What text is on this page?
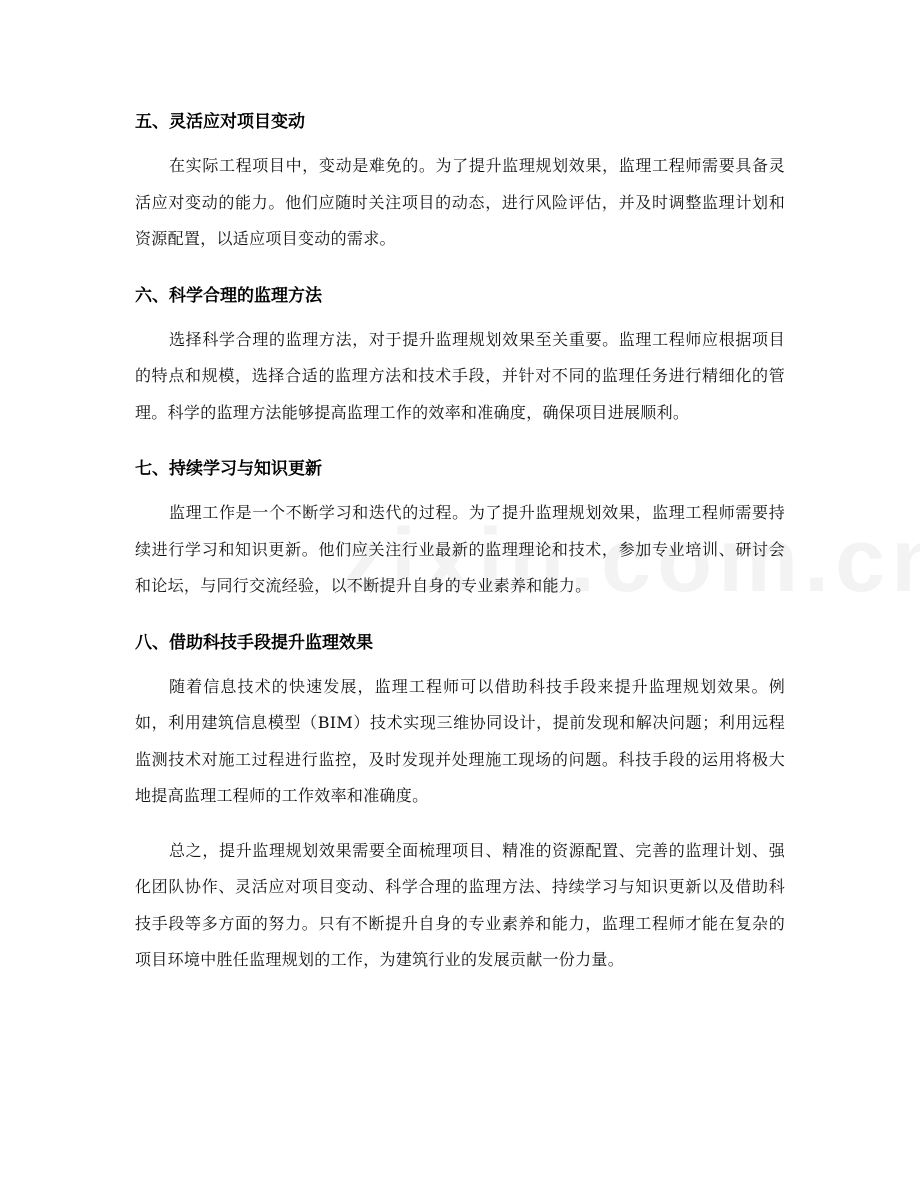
五、灵活应对项目变动

在实际工程项目中，变动是难免的。为了提升监理规划效果，监理工程师需要具备灵活应对变动的能力。他们应随时关注项目的动态，进行风险评估，并及时调整监理计划和资源配置，以适应项目变动的需求。

六、科学合理的监理方法

选择科学合理的监理方法，对于提升监理规划效果至关重要。监理工程师应根据项目的特点和规模，选择合适的监理方法和技术手段，并针对不同的监理任务进行精细化的管理。科学的监理方法能够提高监理工作的效率和准确度，确保项目进展顺利。

七、持续学习与知识更新

监理工作是一个不断学习和迭代的过程。为了提升监理规划效果，监理工程师需要持续进行学习和知识更新。他们应关注行业最新的监理理论和技术，参加专业培训、研讨会和论坛，与同行交流经验，以不断提升自身的专业素养和能力。

八、借助科技手段提升监理效果

随着信息技术的快速发展，监理工程师可以借助科技手段来提升监理规划效果。例如，利用建筑信息模型（BIM）技术实现三维协同设计，提前发现和解决问题；利用远程监测技术对施工过程进行监控，及时发现并处理施工现场的问题。科技手段的运用将极大地提高监理工程师的工作效率和准确度。

总之，提升监理规划效果需要全面梳理项目、精准的资源配置、完善的监理计划、强化团队协作、灵活应对项目变动、科学合理的监理方法、持续学习与知识更新以及借助科技手段等多方面的努力。只有不断提升自身的专业素养和能力，监理工程师才能在复杂的项目环境中胜任监理规划的工作，为建筑行业的发展贡献一份力量。
